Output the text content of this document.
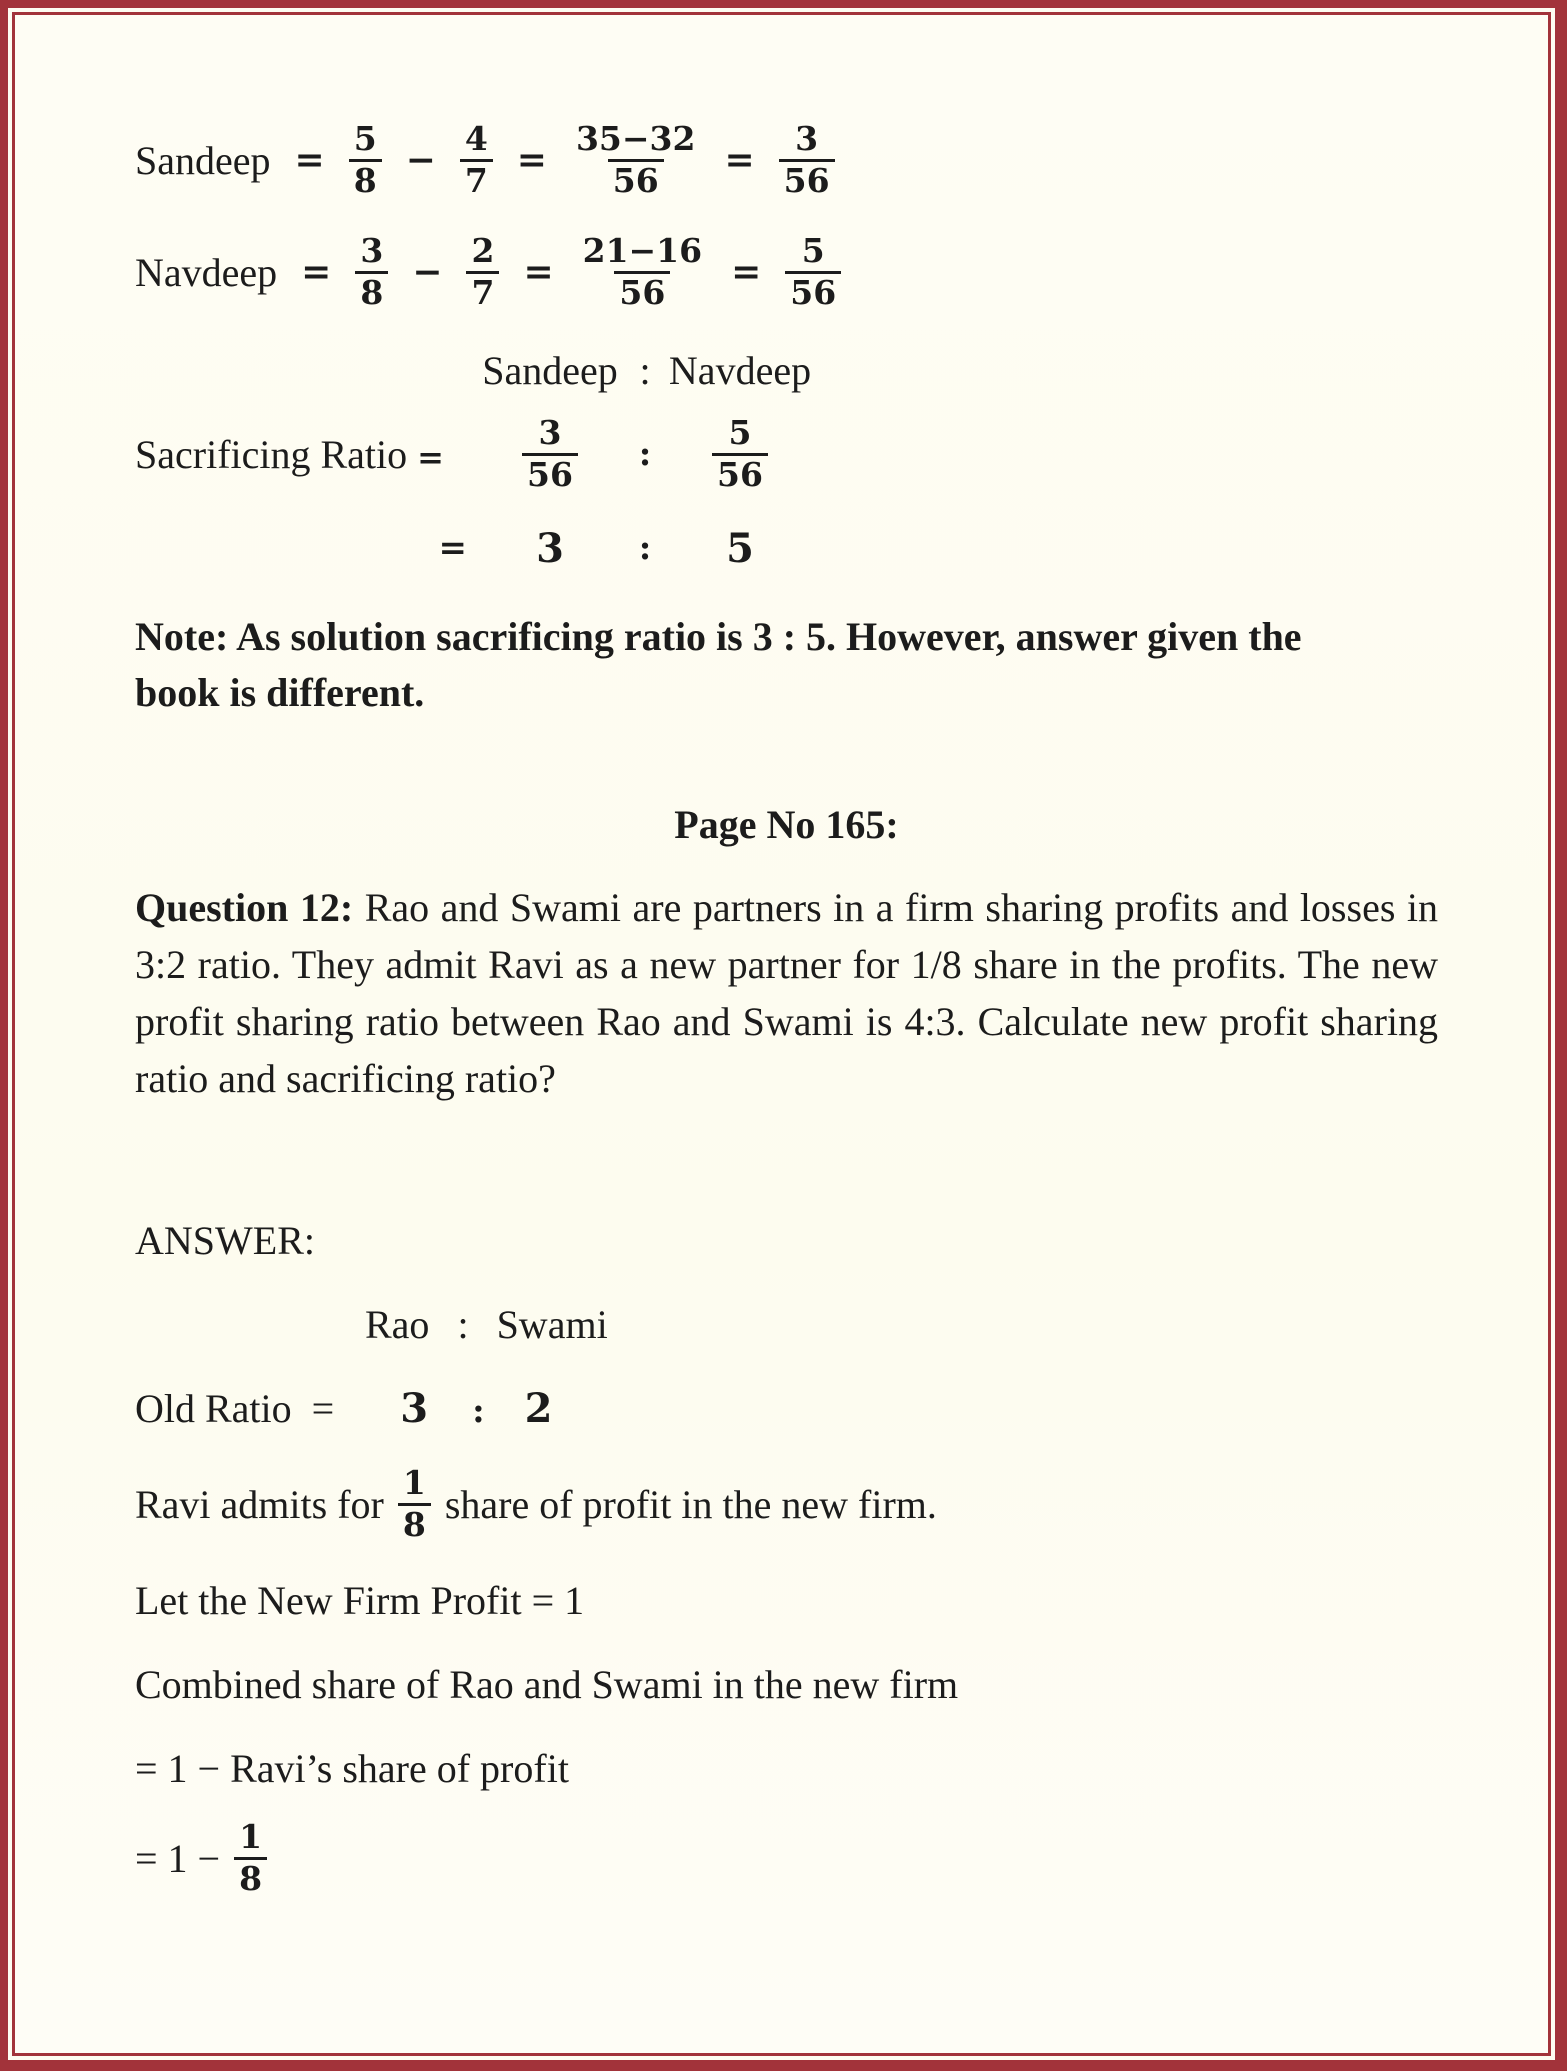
Sandeep = $\frac{5}{8} - \frac{4}{7} = \frac{35-32}{56} = \frac{3}{56}$
Navdeep = $\frac{3}{8} - \frac{2}{7} = \frac{21-16}{56} = \frac{5}{56}$
Sandeep : Navdeep
Sacrificing Ratio =	$\frac{3}{56}$	:	$\frac{5}{56}$
=	3	:	5
Note: As solution sacrificing ratio is 3 : 5. However, answer given the
book is different.
Page No 165:
Question 12: Rao and Swami are partners in a firm sharing profits and losses in 3:2 ratio. They admit Ravi as a new partner for 1/8 share in the profits. The new profit sharing ratio between Rao and Swami is 4:3. Calculate new profit sharing ratio and sacrificing ratio?
ANSWER:
Rao : Swami
Old Ratio = 3 : 2
Ravi admits for $\frac{1}{8}$ share of profit in the new firm.
Let the New Firm Profit = 1
Combined share of Rao and Swami in the new firm
= 1 − Ravi’s share of profit
= $1 - \frac{1}{8}$
